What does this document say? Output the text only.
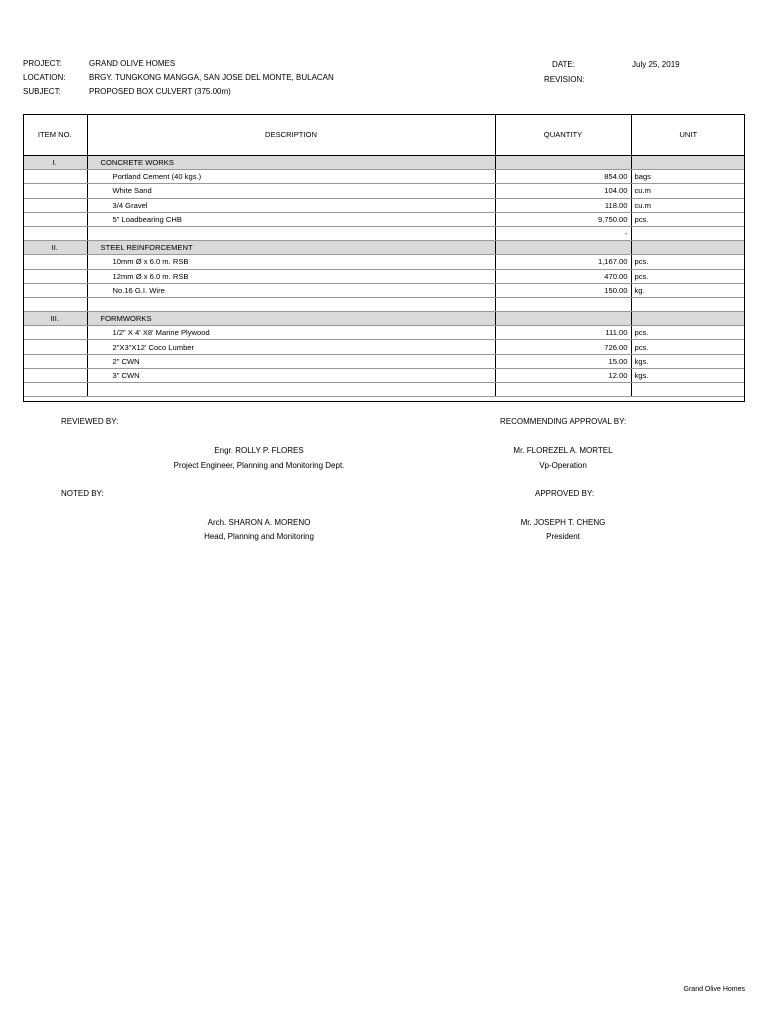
PROJECT:	GRAND OLIVE HOMES
LOCATION:	BRGY. TUNGKONG MANGGA, SAN JOSE DEL MONTE, BULACAN
SUBJECT:	PROPOSED BOX CULVERT (375.00m)
DATE:	July 25, 2019
REVISION:
ITEM NO.	DESCRIPTION	QUANTITY	UNIT
I.	CONCRETE WORKS		
	Portland Cement (40 kgs.)	854.00	bags
	White Sand	104.00	cu.m
	3/4 Gravel	118.00	cu.m
	5" Loadbearing CHB	9,750.00	pcs.
		-	
II.	STEEL REINFORCEMENT		
	10mm Ø x 6.0 m. RSB	1,167.00	pcs.
	12mm Ø x 6.0 m. RSB	470.00	pcs.
	No.16 G.I. Wire	150.00	kg.

III.	FORMWORKS		
	1/2" X 4' X8' Marine Plywood	111.00	pcs.
	2"X3"X12' Coco Lumber	726.00	pcs.
	2" CWN	15.00	kgs.
	3" CWN	12.00	kgs.

REVIEWED BY:	RECOMMENDING APPROVAL BY:
Engr. ROLLY P. FLORES
Project Engineer, Planning and Monitoring Dept.
Mr. FLOREZEL A. MORTEL
Vp-Operation
NOTED BY:	APPROVED BY:
Arch. SHARON A. MORENO
Head, Planning and Monitoring
Mr. JOSEPH T. CHENG
President
Grand Olive Homes
